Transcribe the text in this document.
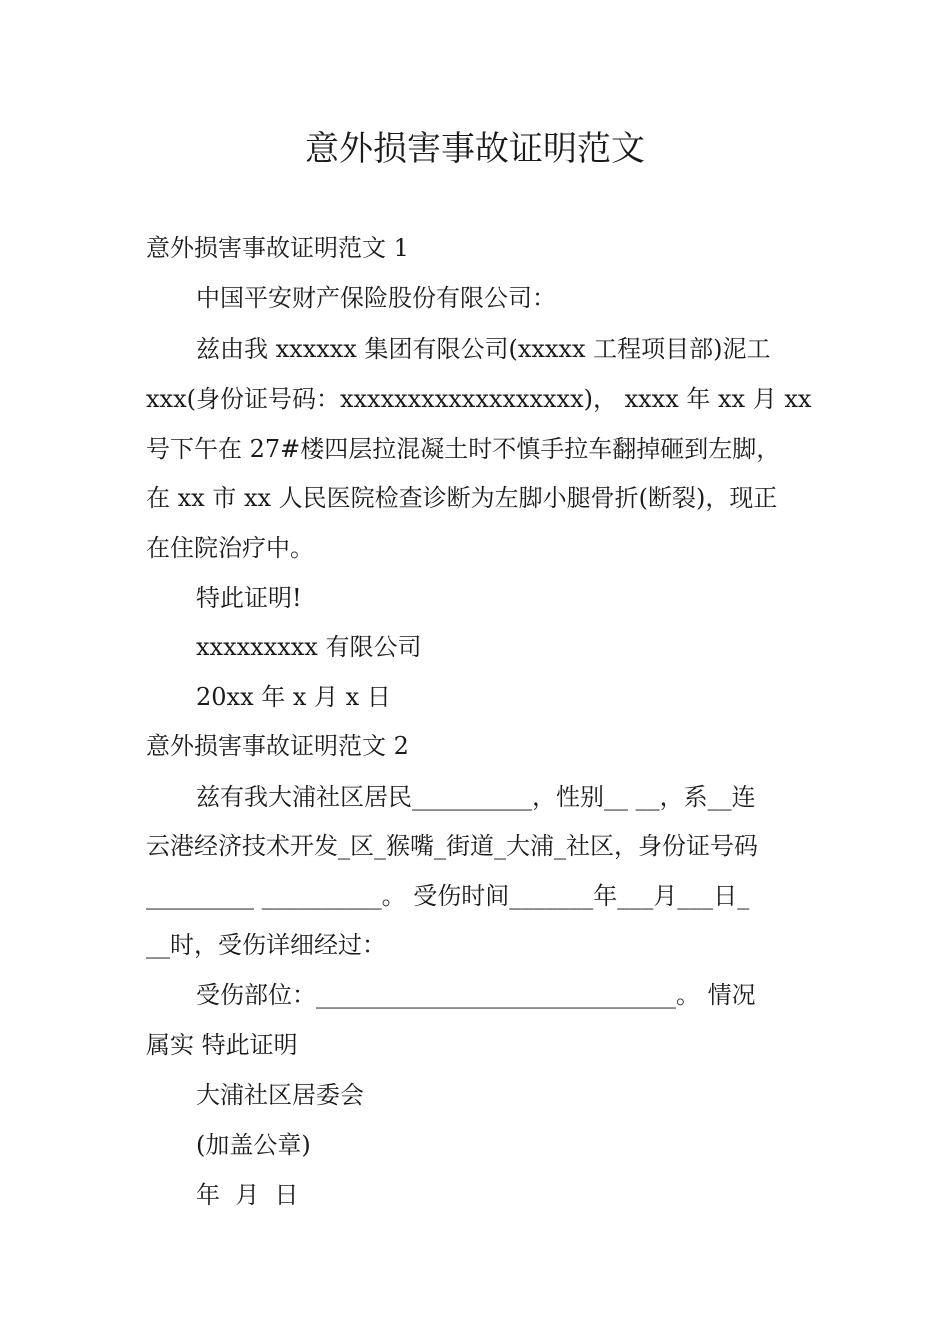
意外损害事故证明范文
意外损害事故证明范文 1
中国平安财产保险股份有限公司：
兹由我 xxxxxx 集团有限公司(xxxxx 工程项目部)泥工
xxx(身份证号码：xxxxxxxxxxxxxxxxxx)， xxxx 年 xx 月 xx
号下午在 27#楼四层拉混凝土时不慎手拉车翻掉砸到左脚，
在 xx 市 xx 人民医院检查诊断为左脚小腿骨折(断裂)，现正
在住院治疗中。
特此证明!
xxxxxxxxx 有限公司
20xx 年 x 月 x 日
意外损害事故证明范文 2
兹有我大浦社区居民__________，性别__ __，系__连
云港经济技术开发_区_猴嘴_街道_大浦_社区，身份证号码
_________ __________。 受伤时间_______年___月___日_
__时，受伤详细经过：
受伤部位：______________________________。 情况
属实 特此证明
大浦社区居委会
(加盖公章)
年  月  日
